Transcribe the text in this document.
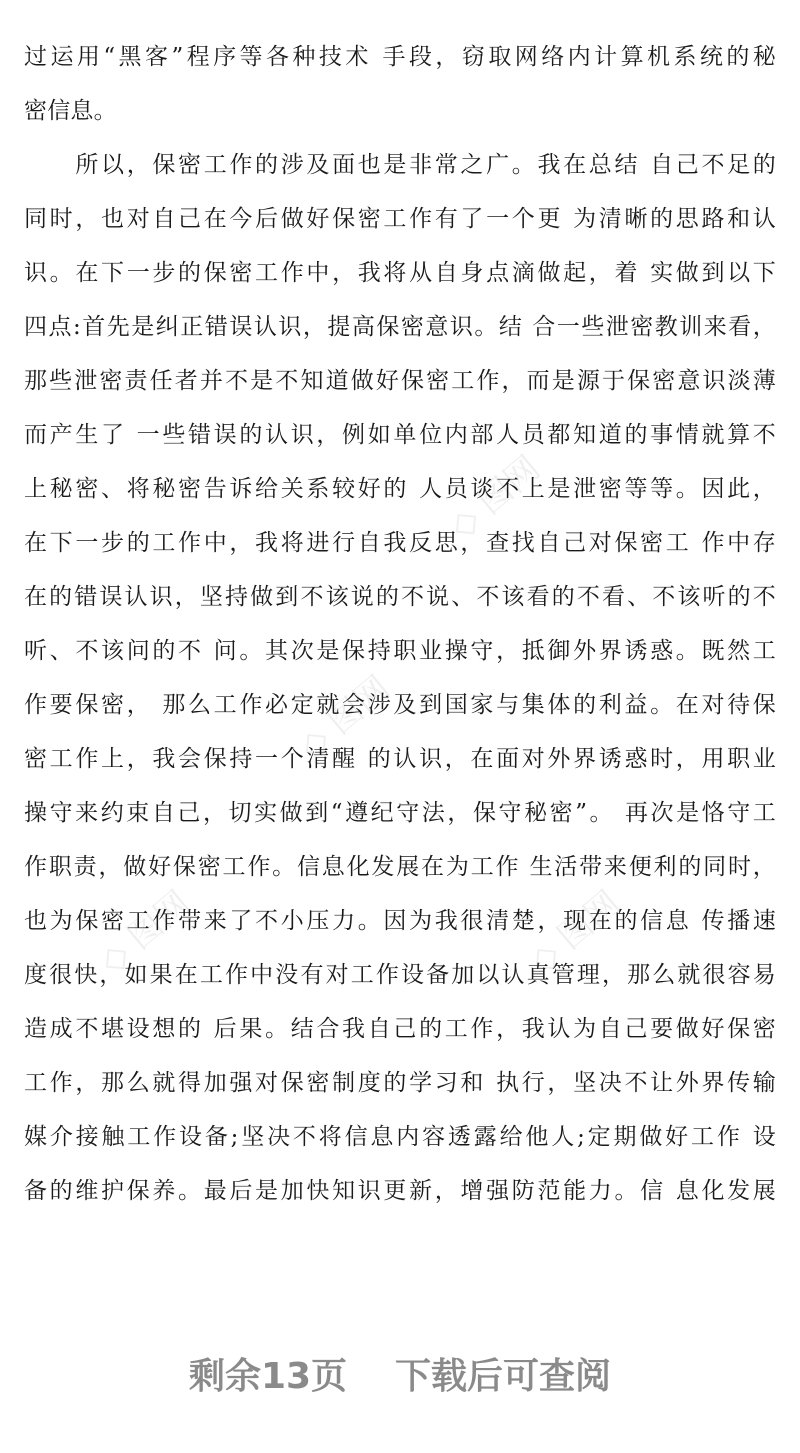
◇ 图网
◇ 图网
◇ 图网	◇ 图网
过运用“黑客”程序等各种技术 手段，窃取网络内计算机系统的秘
密信息。
　　所以，保密工作的涉及面也是非常之广。我在总结 自己不足的
同时，也对自己在今后做好保密工作有了一个更 为清晰的思路和认
识。在下一步的保密工作中，我将从自身点滴做起，着 实做到以下
四点:首先是纠正错误认识，提高保密意识。结 合一些泄密教训来看，
那些泄密责任者并不是不知道做好保密工作，而是源于保密意识淡薄
而产生了 一些错误的认识，例如单位内部人员都知道的事情就算不
上秘密、将秘密告诉给关系较好的 人员谈不上是泄密等等。因此，
在下一步的工作中，我将进行自我反思，查找自己对保密工 作中存
在的错误认识，坚持做到不该说的不说、不该看的不看、不该听的不
听、不该问的不 问。其次是保持职业操守，抵御外界诱惑。既然工
作要保密， 那么工作必定就会涉及到国家与集体的利益。在对待保
密工作上，我会保持一个清醒 的认识，在面对外界诱惑时，用职业
操守来约束自己，切实做到“遵纪守法，保守秘密”。 再次是恪守工
作职责，做好保密工作。信息化发展在为工作 生活带来便利的同时，
也为保密工作带来了不小压力。因为我很清楚，现在的信息 传播速
度很快，如果在工作中没有对工作设备加以认真管理，那么就很容易
造成不堪设想的 后果。结合我自己的工作，我认为自己要做好保密
工作，那么就得加强对保密制度的学习和 执行，坚决不让外界传输
媒介接触工作设备;坚决不将信息内容透露给他人;定期做好工作 设
备的维护保养。最后是加快知识更新，增强防范能力。信 息化发展
剩余13页 下载后可查阅
